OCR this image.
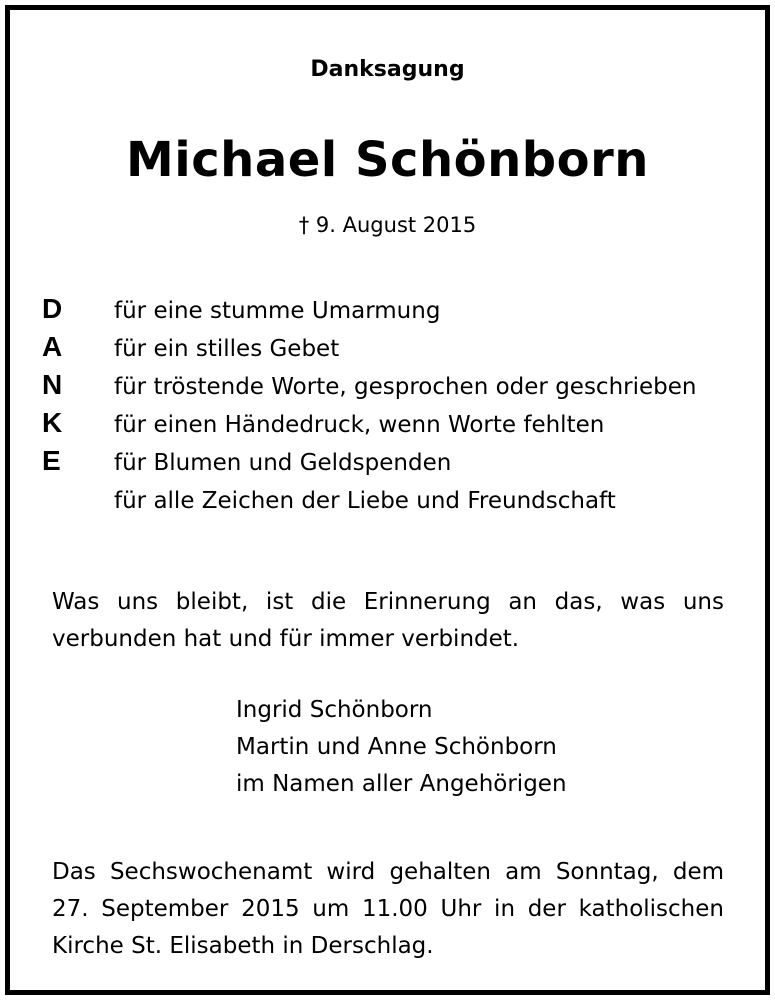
Danksagung
Michael Schönborn
† 9. August 2015
D
A
N
K
E
für eine stumme Umarmung
für ein stilles Gebet
für tröstende Worte, gesprochen oder geschrieben
für einen Händedruck, wenn Worte fehlten
für Blumen und Geldspenden
für alle Zeichen der Liebe und Freundschaft
Was uns bleibt, ist die Erinnerung an das, was uns verbunden hat und für immer verbindet.
Ingrid Schönborn
Martin und Anne Schönborn
im Namen aller Angehörigen
Das Sechswochenamt wird gehalten am Sonntag, dem 27. September 2015 um 11.00 Uhr in der katholischen Kirche St. Elisabeth in Derschlag.
